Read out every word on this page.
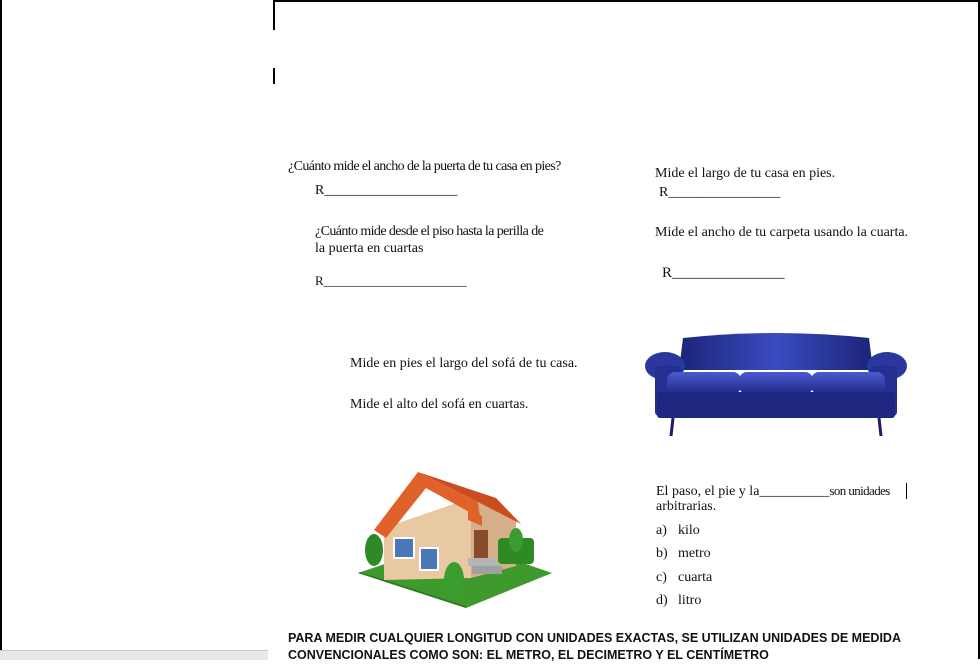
¿Cuánto mide el ancho de la puerta de tu casa en pies?
R___________________
¿Cuánto mide desde el piso hasta la perilla de
la puerta en cuartas
R______________________
Mide el largo de tu casa en pies.
R________________
Mide el ancho de tu carpeta usando la cuarta.
R_______________
Mide en pies el largo del sofá de tu casa.
Mide el alto del sofá en cuartas.
El paso, el pie y la__________son unidades
arbitrarias.
a) kilo
b) metro
c) cuarta
d) litro
PARA MEDIR CUALQUIER LONGITUD CON UNIDADES EXACTAS, SE UTILIZAN UNIDADES DE MEDIDA
CONVENCIONALES COMO SON: EL METRO, EL DECIMETRO Y EL CENTÍMETRO
